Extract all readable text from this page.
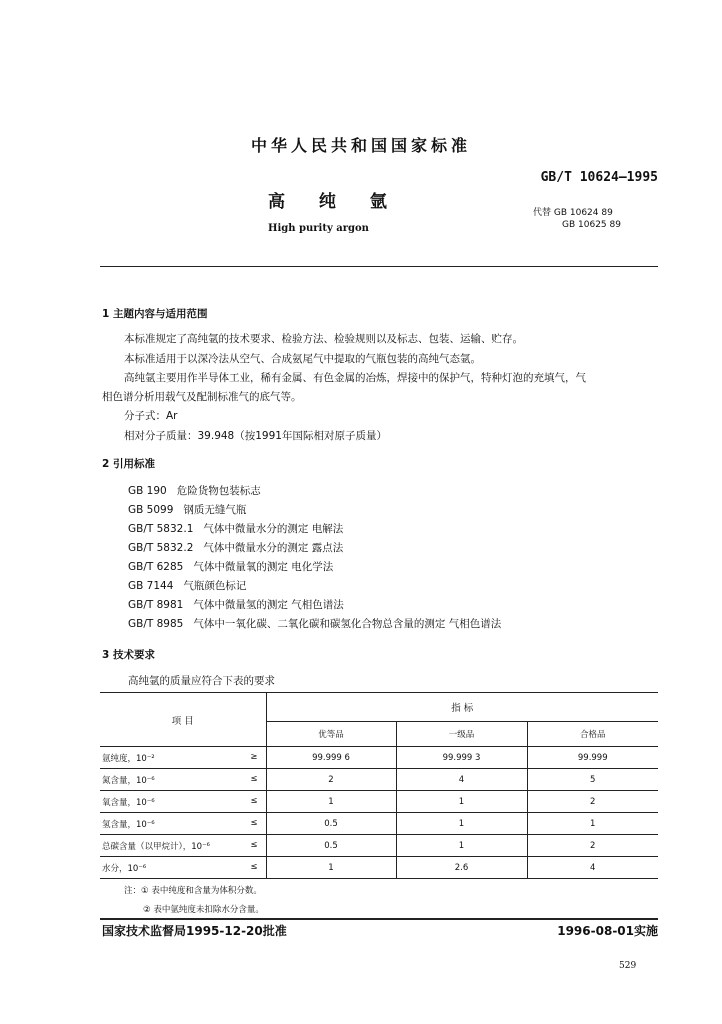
中华人民共和国国家标准
GB/T 10624—1995
高 纯 氩
代替 GB 10624 89
GB 10625 89
High purity argon
1 主题内容与适用范围
本标准规定了高纯氩的技术要求、检验方法、检验规则以及标志、包装、运输、贮存。
本标准适用于以深冷法从空气、合成氨尾气中提取的气瓶包装的高纯气态氩。
高纯氩主要用作半导体工业，稀有金属、有色金属的冶炼，焊接中的保护气，特种灯泡的充填气，气
相色谱分析用载气及配制标准气的底气等。
分子式：Ar
相对分子质量：39.948（按1991年国际相对原子质量）
2 引用标准
GB 190 危险货物包装标志
GB 5099 钢质无缝气瓶
GB/T 5832.1 气体中微量水分的测定 电解法
GB/T 5832.2 气体中微量水分的测定 露点法
GB/T 6285 气体中微量氧的测定 电化学法
GB 7144 气瓶颜色标记
GB/T 8981 气体中微量氢的测定 气相色谱法
GB/T 8985 气体中一氧化碳、二氧化碳和碳氢化合物总含量的测定 气相色谱法
3 技术要求
高纯氩的质量应符合下表的要求
项 目	指 标		
	优等品	一级品	合格品
氩纯度，10⁻² ≥	99.999 6	99.999 3	99.999
氮含量，10⁻⁶ ≤	2	4	5
氧含量，10⁻⁶ ≤	1	1	2
氢含量，10⁻⁶ ≤	0.5	1	1
总碳含量（以甲烷计），10⁻⁶ ≤	0.5	1	2
水分，10⁻⁶ ≤	1	2.6	4
注：① 表中纯度和含量为体积分数。
② 表中氩纯度未扣除水分含量。
国家技术监督局1995-12-20批准	1996-08-01实施
529
